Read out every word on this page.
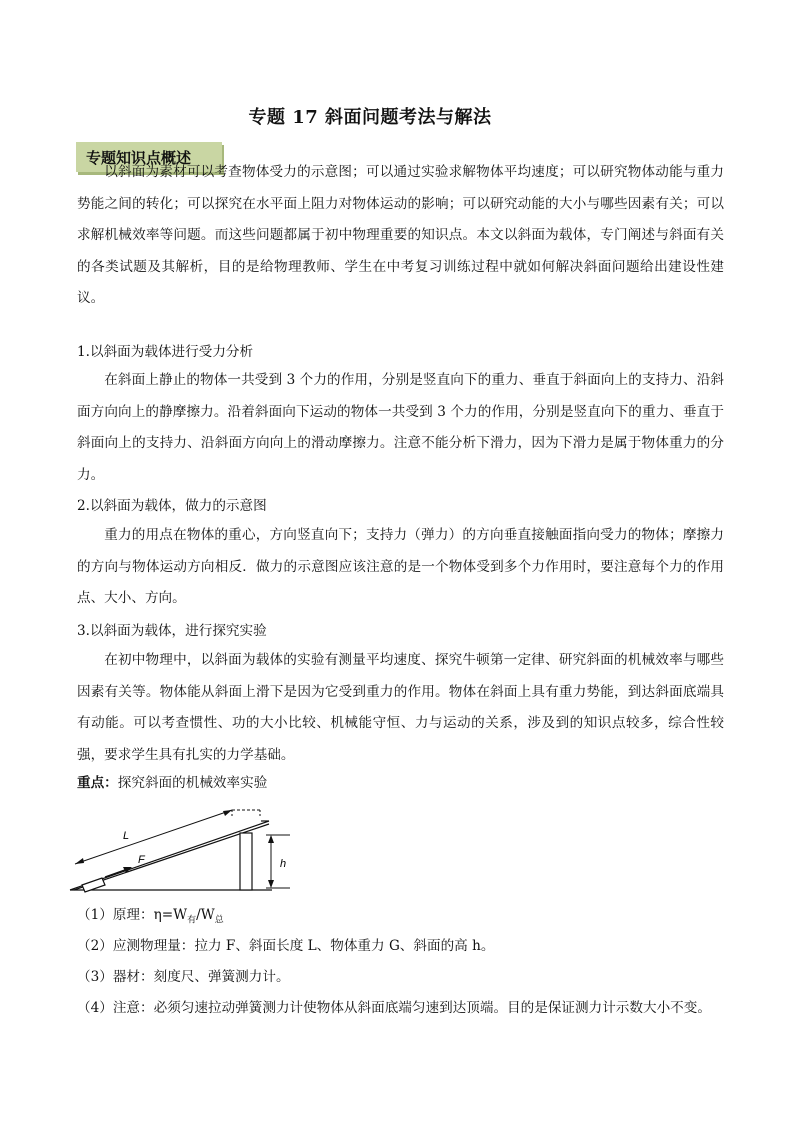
专题 17 斜面问题考法与解法
专题知识点概述

以斜面为素材可以考查物体受力的示意图；可以通过实验求解物体平均速度；可以研究物体动能与重力势能之间的转化；可以探究在水平面上阻力对物体运动的影响；可以研究动能的大小与哪些因素有关；可以求解机械效率等问题。而这些问题都属于初中物理重要的知识点。本文以斜面为载体，专门阐述与斜面有关的各类试题及其解析，目的是给物理教师、学生在中考复习训练过程中就如何解决斜面问题给出建设性建议。

1.以斜面为载体进行受力分析

在斜面上静止的物体一共受到 3 个力的作用，分别是竖直向下的重力、垂直于斜面向上的支持力、沿斜面方向向上的静摩擦力。沿着斜面向下运动的物体一共受到 3 个力的作用，分别是竖直向下的重力、垂直于斜面向上的支持力、沿斜面方向向上的滑动摩擦力。注意不能分析下滑力，因为下滑力是属于物体重力的分力。

2.以斜面为载体，做力的示意图

重力的用点在物体的重心，方向竖直向下；支持力（弹力）的方向垂直接触面指向受力的物体；摩擦力的方向与物体运动方向相反．做力的示意图应该注意的是一个物体受到多个力作用时，要注意每个力的作用点、大小、方向。

3.以斜面为载体，进行探究实验

在初中物理中，以斜面为载体的实验有测量平均速度、探究牛顿第一定律、研究斜面的机械效率与哪些因素有关等。物体能从斜面上滑下是因为它受到重力的作用。物体在斜面上具有重力势能，到达斜面底端具有动能。可以考查惯性、功的大小比较、机械能守恒、力与运动的关系，涉及到的知识点较多，综合性较强，要求学生具有扎实的力学基础。

重点：探究斜面的机械效率实验
L
F	h

（1）原理：$\eta=W_有/W_总$

（2）应测物理量：拉力 F、斜面长度 L、物体重力 G、斜面的高 h。

（3）器材：刻度尺、弹簧测力计。

（4）注意：必须匀速拉动弹簧测力计使物体从斜面底端匀速到达顶端。目的是保证测力计示数大小不变。
